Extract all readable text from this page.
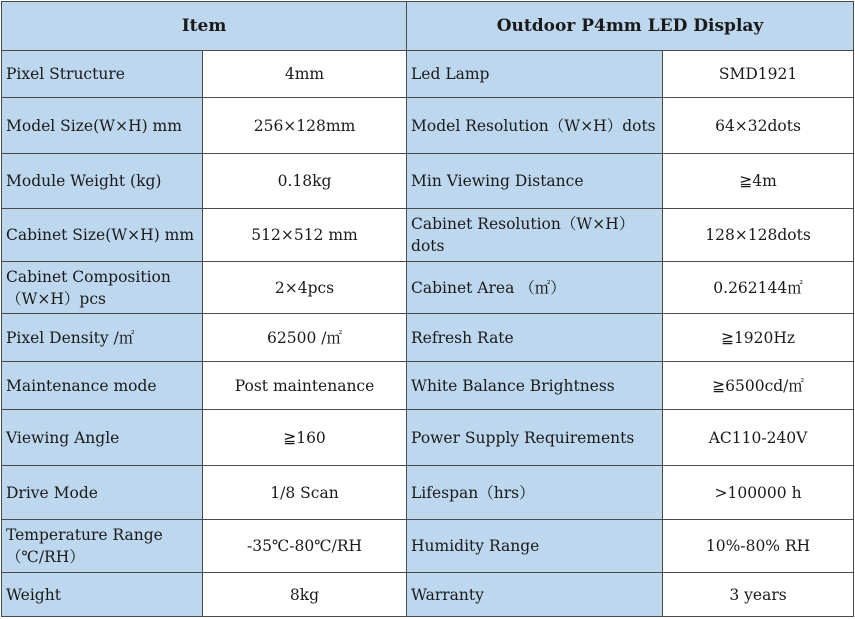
Item		Outdoor P4mm LED Display	
Pixel Structure	4mm	Led Lamp	SMD1921
Model Size(W×H) mm	256×128mm	Model Resolution（W×H）dots	64×32dots
Module Weight (kg)	0.18kg	Min Viewing Distance	≧4m
Cabinet Size(W×H) mm	512×512 mm	Cabinet Resolution（W×H）dots	128×128dots
Cabinet Composition（W×H）pcs	2×4pcs	Cabinet Area （㎡）	0.262144㎡
Pixel Density /㎡	62500 /㎡	Refresh Rate	≧1920Hz
Maintenance mode	Post maintenance	White Balance Brightness	≧6500cd/㎡
Viewing Angle	≧160	Power Supply Requirements	AC110-240V
Drive Mode	1/8 Scan	Lifespan（hrs）	>100000 h
Temperature Range（℃/RH）	-35℃-80℃/RH	Humidity Range	10%-80% RH
Weight	8kg	Warranty	3 years
